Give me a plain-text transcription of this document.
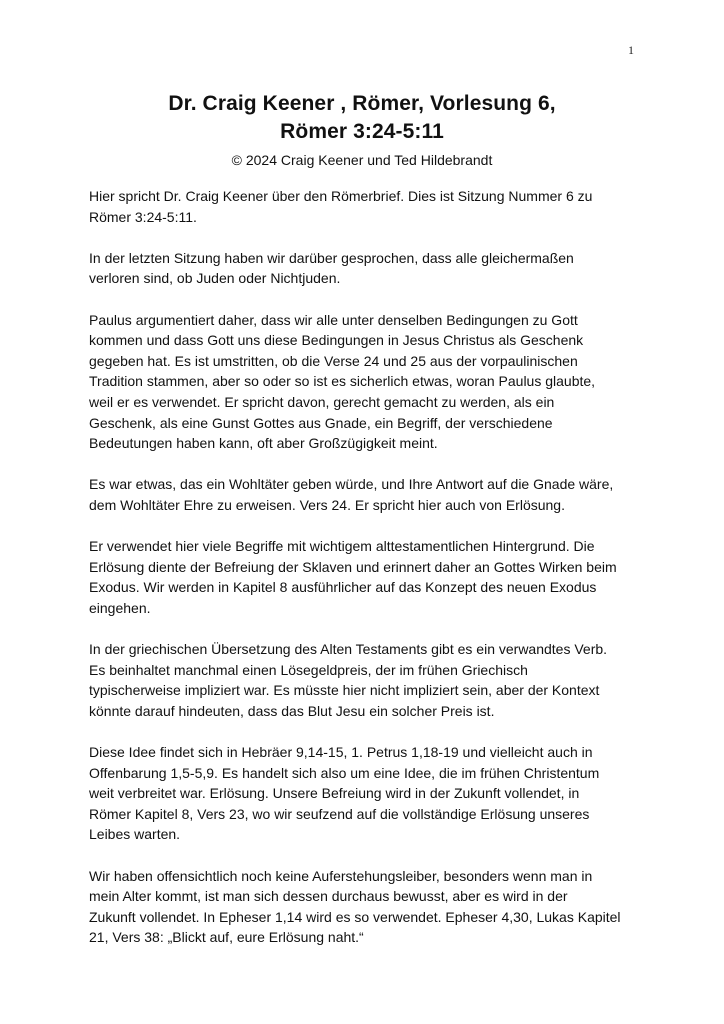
1
Dr. Craig Keener , Römer, Vorlesung 6,
Römer 3:24-5:11
© 2024 Craig Keener und Ted Hildebrandt

Hier spricht Dr. Craig Keener über den Römerbrief. Dies ist Sitzung Nummer 6 zu
Römer 3:24-5:11.

In der letzten Sitzung haben wir darüber gesprochen, dass alle gleichermaßen
verloren sind, ob Juden oder Nichtjuden.

Paulus argumentiert daher, dass wir alle unter denselben Bedingungen zu Gott
kommen und dass Gott uns diese Bedingungen in Jesus Christus als Geschenk
gegeben hat. Es ist umstritten, ob die Verse 24 und 25 aus der vorpaulinischen
Tradition stammen, aber so oder so ist es sicherlich etwas, woran Paulus glaubte,
weil er es verwendet. Er spricht davon, gerecht gemacht zu werden, als ein
Geschenk, als eine Gunst Gottes aus Gnade, ein Begriff, der verschiedene
Bedeutungen haben kann, oft aber Großzügigkeit meint.

Es war etwas, das ein Wohltäter geben würde, und Ihre Antwort auf die Gnade wäre,
dem Wohltäter Ehre zu erweisen. Vers 24. Er spricht hier auch von Erlösung.

Er verwendet hier viele Begriffe mit wichtigem alttestamentlichen Hintergrund. Die
Erlösung diente der Befreiung der Sklaven und erinnert daher an Gottes Wirken beim
Exodus. Wir werden in Kapitel 8 ausführlicher auf das Konzept des neuen Exodus
eingehen.

In der griechischen Übersetzung des Alten Testaments gibt es ein verwandtes Verb.
Es beinhaltet manchmal einen Lösegeldpreis, der im frühen Griechisch
typischerweise impliziert war. Es müsste hier nicht impliziert sein, aber der Kontext
könnte darauf hindeuten, dass das Blut Jesu ein solcher Preis ist.

Diese Idee findet sich in Hebräer 9,14-15, 1. Petrus 1,18-19 und vielleicht auch in
Offenbarung 1,5-5,9. Es handelt sich also um eine Idee, die im frühen Christentum
weit verbreitet war. Erlösung. Unsere Befreiung wird in der Zukunft vollendet, in
Römer Kapitel 8, Vers 23, wo wir seufzend auf die vollständige Erlösung unseres
Leibes warten.

Wir haben offensichtlich noch keine Auferstehungsleiber, besonders wenn man in
mein Alter kommt, ist man sich dessen durchaus bewusst, aber es wird in der
Zukunft vollendet. In Epheser 1,14 wird es so verwendet. Epheser 4,30, Lukas Kapitel
21, Vers 38: „Blickt auf, eure Erlösung naht.“
